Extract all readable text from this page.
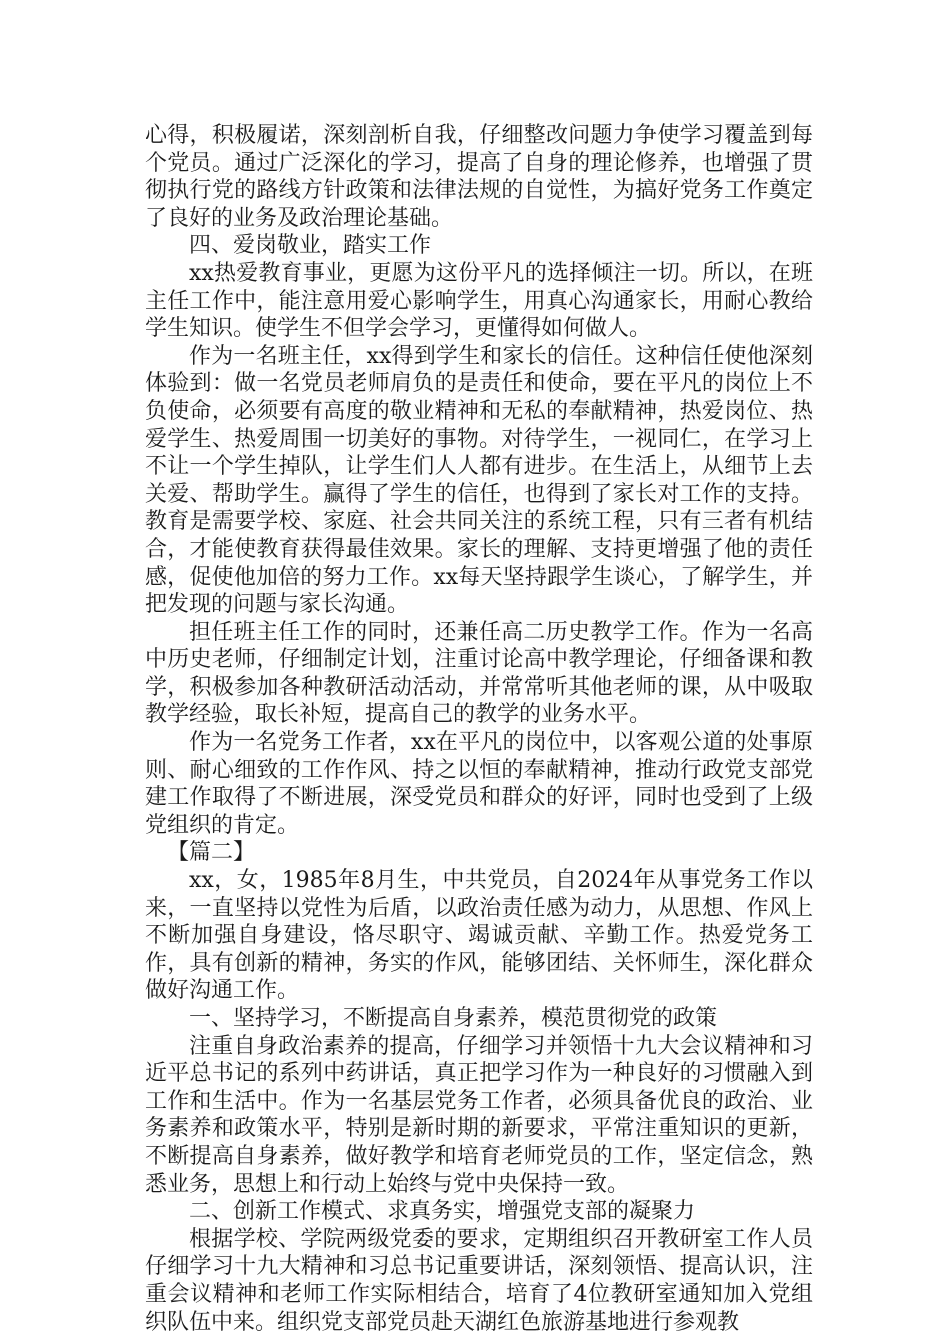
心得，积极履诺，深刻剖析自我，仔细整改问题力争使学习覆盖到每个党员。通过广泛深化的学习，提高了自身的理论修养，也增强了贯彻执行党的路线方针政策和法律法规的自觉性，为搞好党务工作奠定了良好的业务及政治理论基础。

四、爱岗敬业，踏实工作

xx热爱教育事业，更愿为这份平凡的选择倾注一切。所以，在班主任工作中，能注意用爱心影响学生，用真心沟通家长，用耐心教给学生知识。使学生不但学会学习，更懂得如何做人。

作为一名班主任，xx得到学生和家长的信任。这种信任使他深刻体验到：做一名党员老师肩负的是责任和使命，要在平凡的岗位上不负使命，必须要有高度的敬业精神和无私的奉献精神，热爱岗位、热爱学生、热爱周围一切美好的事物。对待学生，一视同仁，在学习上不让一个学生掉队，让学生们人人都有进步。在生活上，从细节上去关爱、帮助学生。赢得了学生的信任，也得到了家长对工作的支持。教育是需要学校、家庭、社会共同关注的系统工程，只有三者有机结合，才能使教育获得最佳效果。家长的理解、支持更增强了他的责任感，促使他加倍的努力工作。xx每天坚持跟学生谈心，了解学生，并把发现的问题与家长沟通。

担任班主任工作的同时，还兼任高二历史教学工作。作为一名高中历史老师，仔细制定计划，注重讨论高中教学理论，仔细备课和教学，积极参加各种教研活动活动，并常常听其他老师的课，从中吸取教学经验，取长补短，提高自己的教学的业务水平。

作为一名党务工作者，xx在平凡的岗位中，以客观公道的处事原则、耐心细致的工作作风、持之以恒的奉献精神，推动行政党支部党建工作取得了不断进展，深受党员和群众的好评，同时也受到了上级党组织的肯定。

【篇二】

xx，女，1985年8月生，中共党员，自2024年从事党务工作以来，一直坚持以党性为后盾，以政治责任感为动力，从思想、作风上不断加强自身建设，恪尽职守、竭诚贡献、辛勤工作。热爱党务工作，具有创新的精神，务实的作风，能够团结、关怀师生，深化群众做好沟通工作。

一、坚持学习，不断提高自身素养，模范贯彻党的政策

注重自身政治素养的提高，仔细学习并领悟十九大会议精神和习近平总书记的系列中药讲话，真正把学习作为一种良好的习惯融入到工作和生活中。作为一名基层党务工作者，必须具备优良的政治、业务素养和政策水平，特别是新时期的新要求，平常注重知识的更新，不断提高自身素养，做好教学和培育老师党员的工作，坚定信念，熟悉业务，思想上和行动上始终与党中央保持一致。

二、创新工作模式、求真务实，增强党支部的凝聚力

根据学校、学院两级党委的要求，定期组织召开教研室工作人员仔细学习十九大精神和习总书记重要讲话，深刻领悟、提高认识，注重会议精神和老师工作实际相结合，培育了4位教研室通知加入党组织队伍中来。组织党支部党员赴天湖红色旅游基地进行参观教
